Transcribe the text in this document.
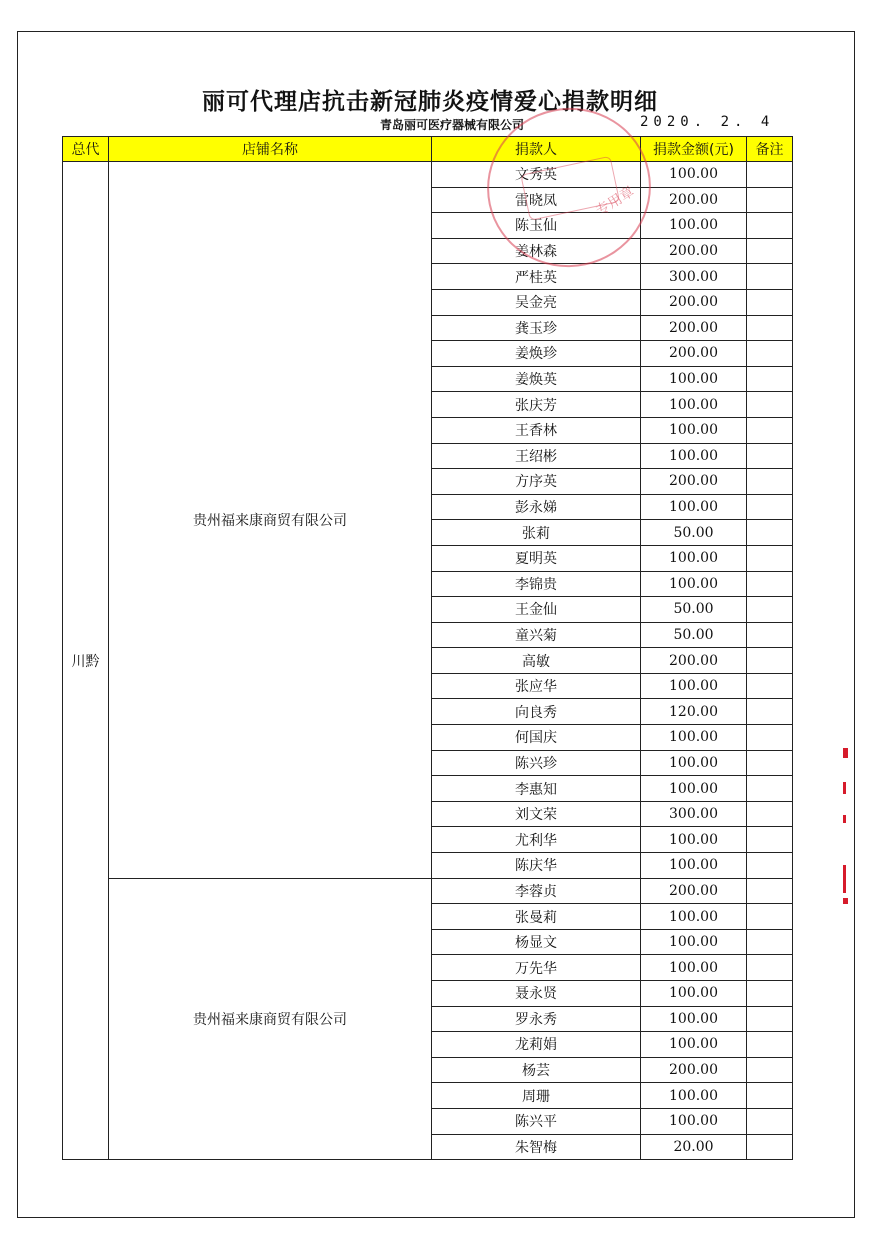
丽可代理店抗击新冠肺炎疫情爱心捐款明细
青岛丽可医疗器械有限公司	2020. 2. 4
总代	店铺名称	捐款人	捐款金额(元)	备注
川黔	贵州福来康商贸有限公司	文秀英	100.00	
		雷晓凤	200.00	
		陈玉仙	100.00	
		姜林森	200.00	
		严桂英	300.00	
		吴金亮	200.00	
		龚玉珍	200.00	
		姜焕珍	200.00	
		姜焕英	100.00	
		张庆芳	100.00	
		王香林	100.00	
		王绍彬	100.00	
		方序英	200.00	
		彭永娣	100.00	
		张莉	50.00	
		夏明英	100.00	
		李锦贵	100.00	
		王金仙	50.00	
		童兴菊	50.00	
		高敏	200.00	
		张应华	100.00	
		向良秀	120.00	
		何国庆	100.00	
		陈兴珍	100.00	
		李惠知	100.00	
		刘文荣	300.00	
		尤利华	100.00	
		陈庆华	100.00	
	贵州福来康商贸有限公司	李蓉贞	200.00	
		张曼莉	100.00	
		杨显文	100.00	
		万先华	100.00	
		聂永贤	100.00	
		罗永秀	100.00	
		龙莉娟	100.00	
		杨芸	200.00	
		周珊	100.00	
		陈兴平	100.00	
		朱智梅	20.00	
专用章
